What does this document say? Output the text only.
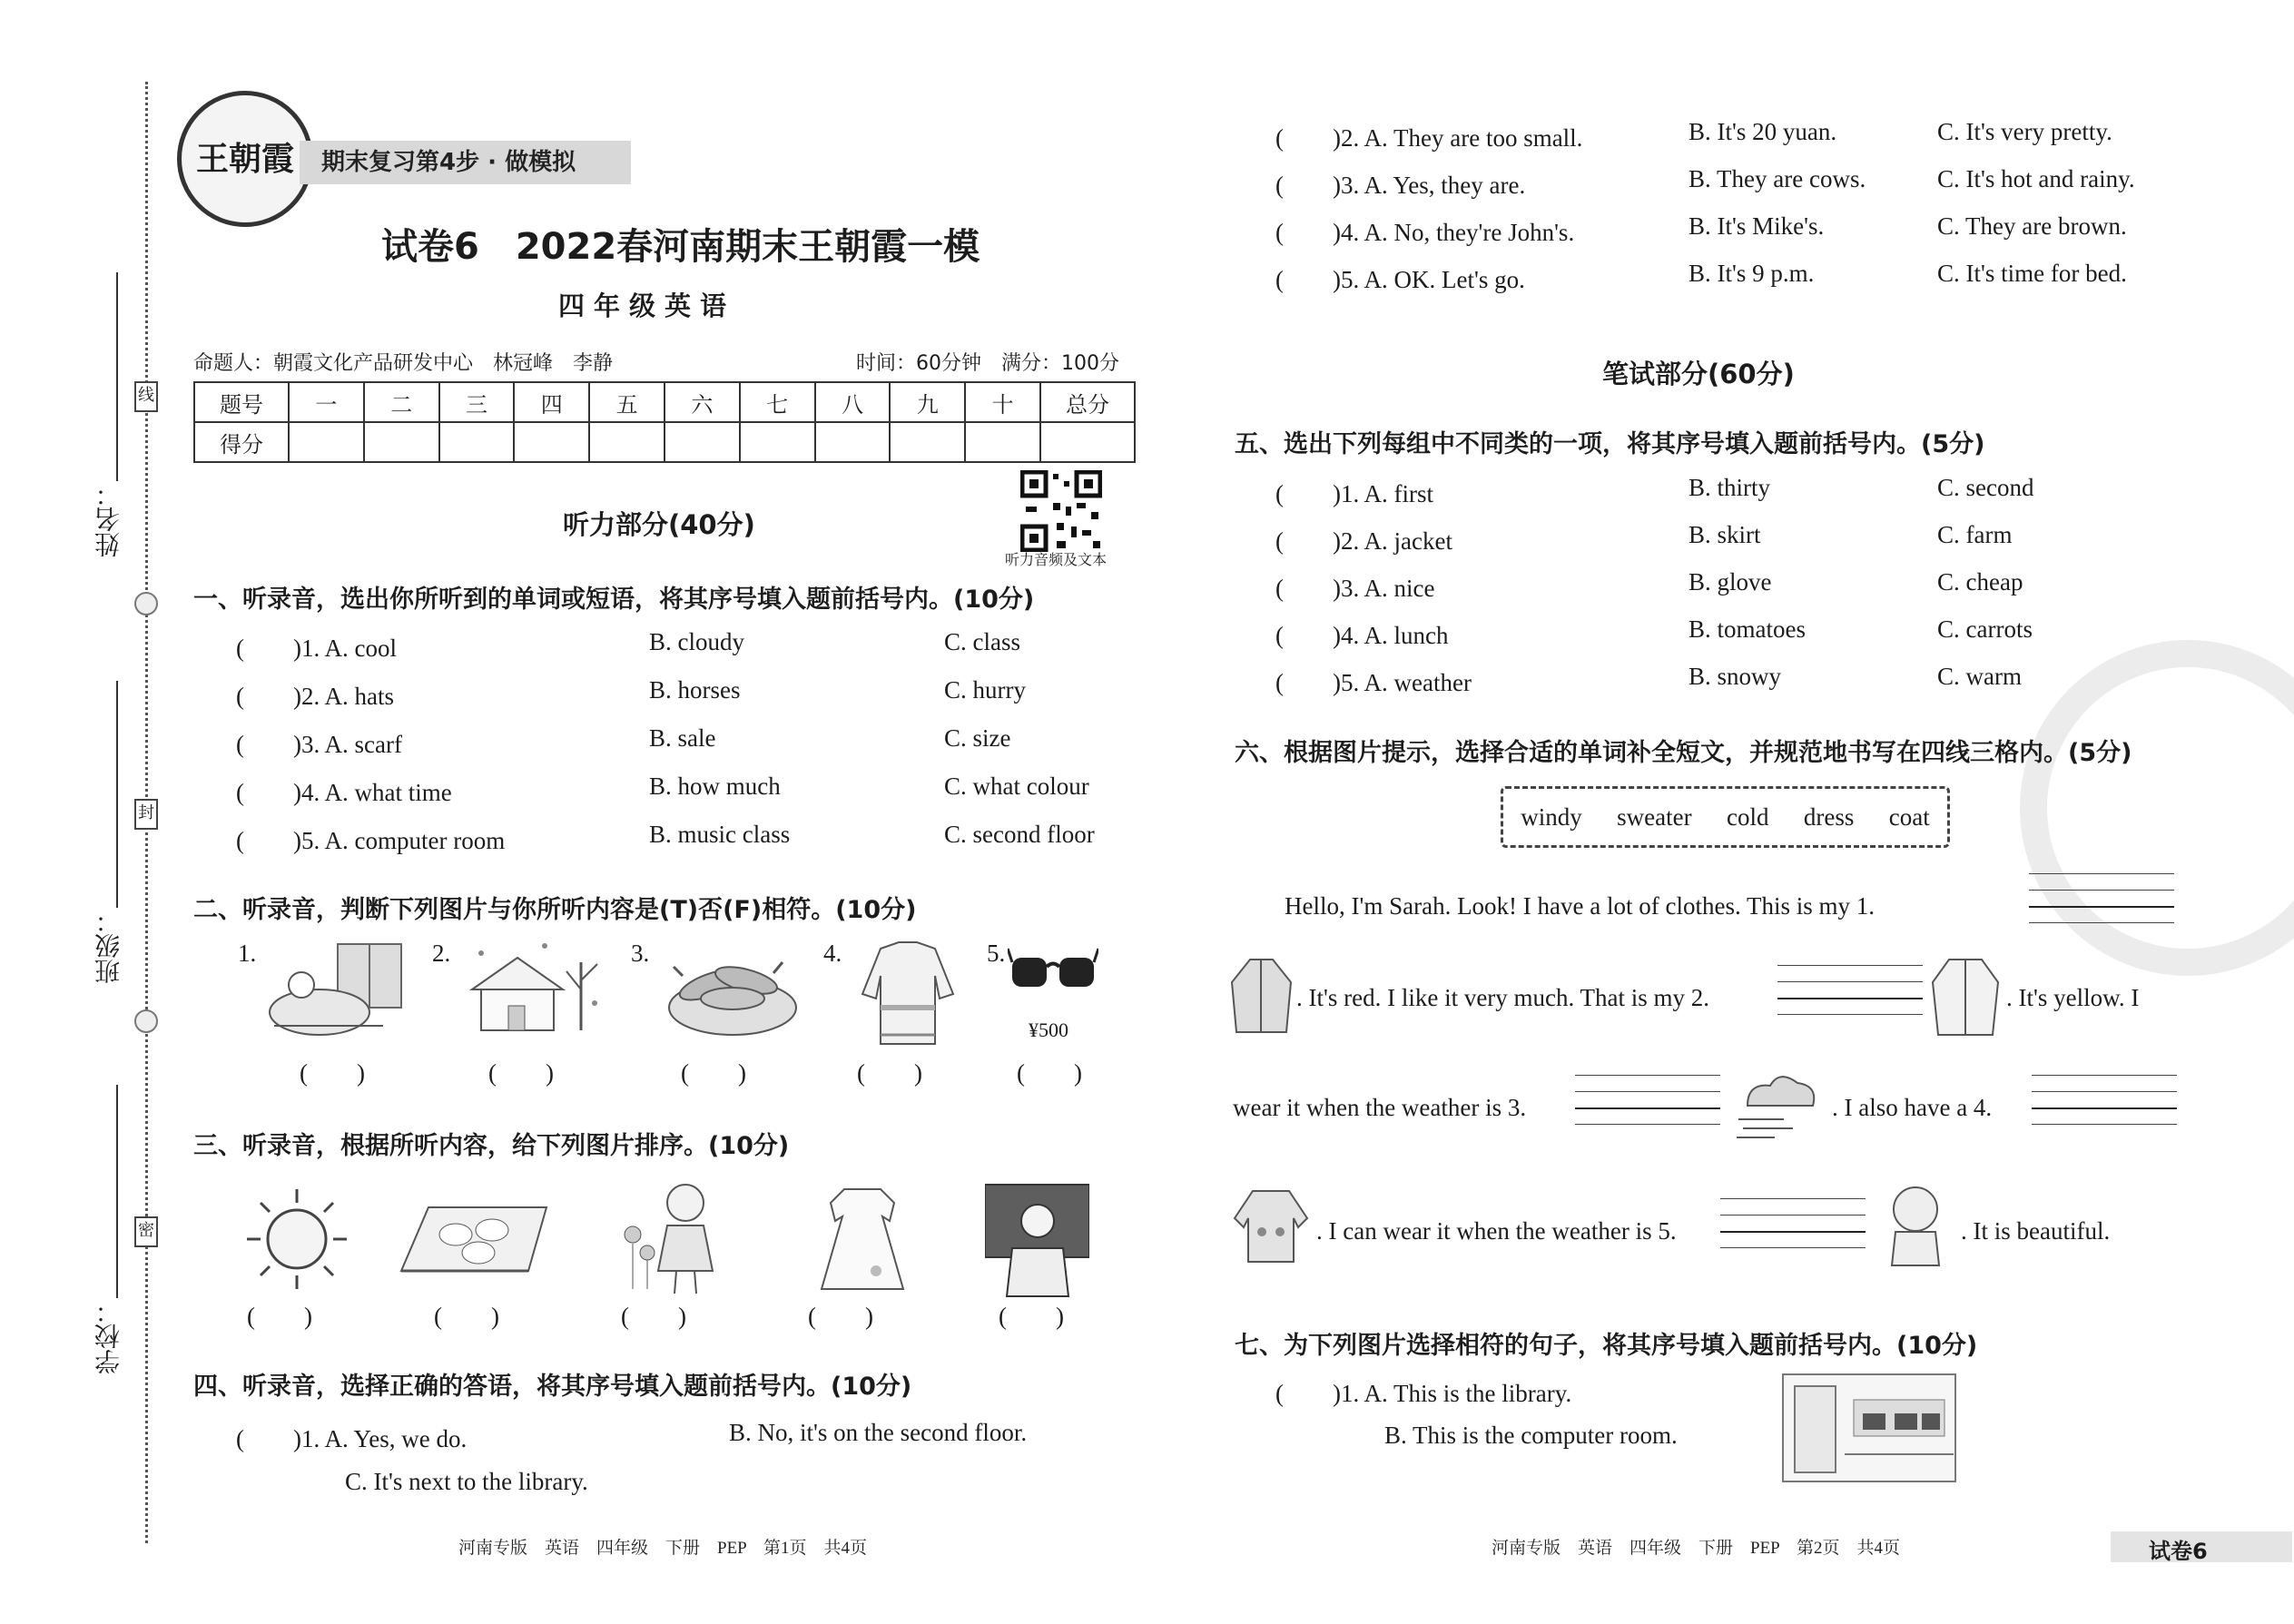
姓名：
班级：
学校：
线
封
密
王朝霞	期末复习第4步 · 做模拟
试卷6　2022春河南期末王朝霞一模
四年级英语
命题人：朝霞文化产品研发中心　林冠峰　李静	时间：60分钟　满分：100分
题号	一	二	三	四	五	六	七	八	九	十	总分
得分											
听力音频及文本
听力部分(40分)
一、听录音，选出你所听到的单词或短语，将其序号填入题前括号内。(10分)
(　　)1. A. cool	B. cloudy	C. class
(　　)2. A. hats	B. horses	C. hurry
(　　)3. A. scarf	B. sale	C. size
(　　)4. A. what time	B. how much	C. what colour
(　　)5. A. computer room	B. music class	C. second floor
二、听录音，判断下列图片与你所听内容是(T)否(F)相符。(10分)
1.	2.	3.	4.	5.
¥500
(　　)	(　　)	(　　)	(　　)	(　　)
三、听录音，根据所听内容，给下列图片排序。(10分)
(　　)	(　　)	(　　)	(　　)	(　　)
四、听录音，选择正确的答语，将其序号填入题前括号内。(10分)
(　　)1. A. Yes, we do.	B. No, it's on the second floor.
C. It's next to the library.
河南专版　英语　四年级　下册　PEP　第1页　共4页
(　　)2. A. They are too small.	B. It's 20 yuan.	C. It's very pretty.
(　　)3. A. Yes, they are.	B. They are cows.	C. It's hot and rainy.
(　　)4. A. No, they're John's.	B. It's Mike's.	C. They are brown.
(　　)5. A. OK. Let's go.	B. It's 9 p.m.	C. It's time for bed.
笔试部分(60分)
五、选出下列每组中不同类的一项，将其序号填入题前括号内。(5分)
(　　)1. A. first	B. thirty	C. second
(　　)2. A. jacket	B. skirt	C. farm
(　　)3. A. nice	B. glove	C. cheap
(　　)4. A. lunch	B. tomatoes	C. carrots
(　　)5. A. weather	B. snowy	C. warm
六、根据图片提示，选择合适的单词补全短文，并规范地书写在四线三格内。(5分)
windy sweater cold dress coat
Hello, I'm Sarah. Look! I have a lot of clothes. This is my 1.
. It's red. I like it very much. That is my 2.	. It's yellow. I
wear it when the weather is 3.	. I also have a 4.
. I can wear it when the weather is 5.	. It is beautiful.
七、为下列图片选择相符的句子，将其序号填入题前括号内。(10分)
(　　)1. A. This is the library.
B. This is the computer room.
河南专版　英语　四年级　下册　PEP　第2页　共4页	试卷6
